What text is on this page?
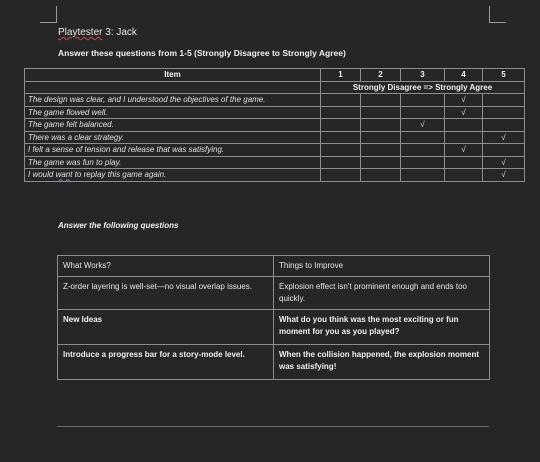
Playtester 3: Jack
Answer these questions from 1-5 (Strongly Disagree to Strongly Agree)
Item	1	2	3	4	5
	Strongly Disagree => Strongly Agree				
The design was clear, and I understood the objectives of the game.				√	
The game flowed well.				√	
The game felt balanced.			√		
There was a clear strategy.					√
I felt a sense of tension and release that was satisfying.				√	
The game was fun to play.					√
I would want to replay this game again.					√
Answer the following questions
What Works?	Things to Improve
Z-order layering is well-set—no visual overlap issues.	Explosion effect isn’t prominent enough and ends too quickly.
New Ideas	What do you think was the most exciting or fun moment for you as you played?
Introduce a progress bar for a story-mode level.	When the collision happened, the explosion moment was satisfying!
